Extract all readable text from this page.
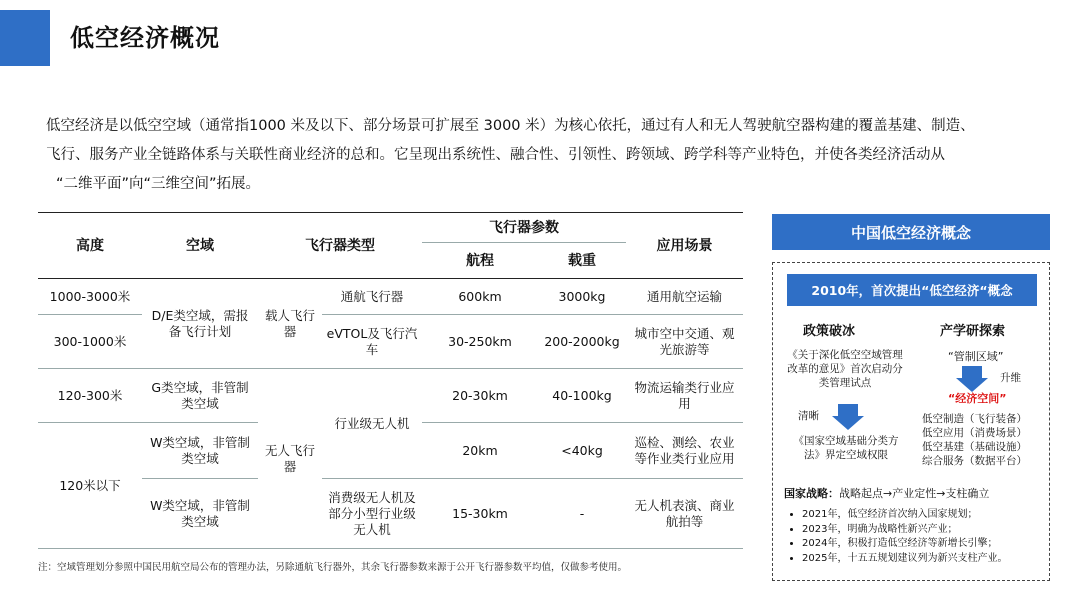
低空经济概况

低空经济是以低空空域（通常指1000 米及以下、部分场景可扩展至 3000 米）为核心依托，通过有人和无人驾驶航空器构建的覆盖基建、制造、

飞行、服务产业全链路体系与关联性商业经济的总和。它呈现出系统性、融合性、引领性、跨领域、跨学科等产业特色，并使各类经济活动从

“二维平面”向“三维空间”拓展。

高度	空域	飞行器类型		飞行器参数		应用场景
				航程	载重	
1000-3000米	D/E类空域，需报备飞行计划	载人飞行器	通航飞行器	600km	3000kg	通用航空运输
300-1000米			eVTOL及飞行汽车	30-250km	200-2000kg	城市空中交通、观光旅游等
120-300米	G类空域，非管制类空域	无人飞行器	行业级无人机	20-30km	40-100kg	物流运输类行业应用
120米以下	W类空域，非管制类空域			20km	<40kg	巡检、测绘、农业等作业类行业应用
	W类空域，非管制类空域		消费级无人机及部分小型行业级无人机	15-30km	-	无人机表演、商业航拍等
注：空域管理划分参照中国民用航空局公布的管理办法，另除通航飞行器外，其余飞行器参数来源于公开飞行器参数平均值，仅做参考使用。
中国低空经济概念
2010年，首次提出“低空经济“概念
政策破冰
《关于深化低空空域管理改革的意见》首次启动分类管理试点
清晰
《国家空域基础分类方法》界定空域权限
产学研探索
“管制区域”
升维
“经济空间”
低空制造（飞行装备）
低空应用（消费场景）
低空基建（基础设施）
综合服务（数据平台）
国家战略：战略起点→产业定性→支柱确立
• 2021年，低空经济首次纳入国家规划；
• 2023年，明确为战略性新兴产业；
• 2024年，积极打造低空经济等新增长引擎；
• 2025年，十五五规划建议列为新兴支柱产业。
